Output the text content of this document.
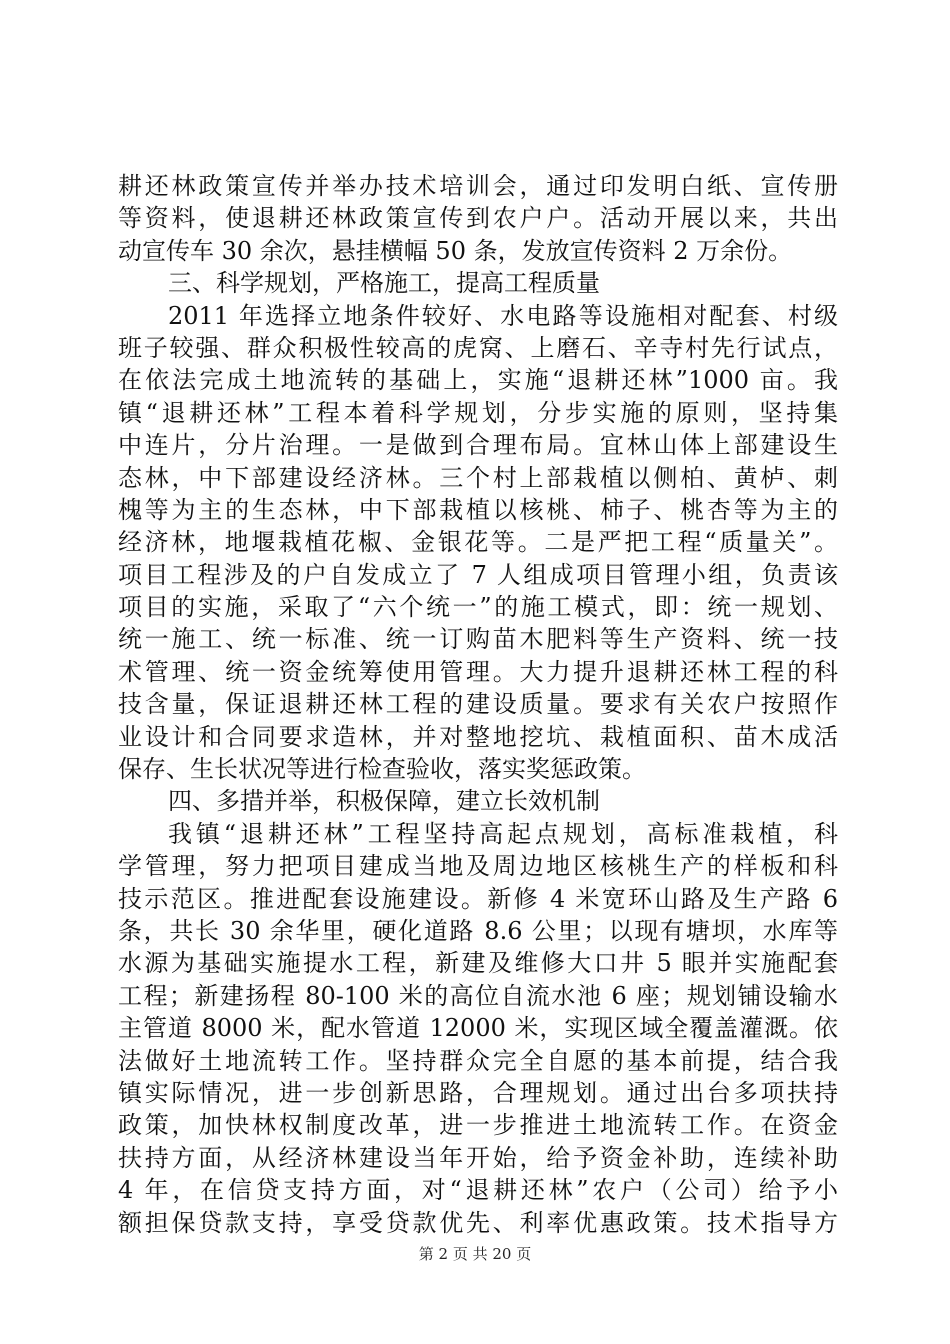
耕还林政策宣传并举办技术培训会，通过印发明白纸、宣传册
等资料，使退耕还林政策宣传到农户户。活动开展以来，共出
动宣传车 30 余次，悬挂横幅 50 条，发放宣传资料 2 万余份。
三、科学规划，严格施工，提高工程质量
2011 年选择立地条件较好、水电路等设施相对配套、村级
班子较强、群众积极性较高的虎窝、上磨石、辛寺村先行试点，
在依法完成土地流转的基础上，实施“退耕还林”1000 亩。我
镇“退耕还林”工程本着科学规划，分步实施的原则，坚持集
中连片，分片治理。一是做到合理布局。宜林山体上部建设生
态林，中下部建设经济林。三个村上部栽植以侧柏、黄栌、刺
槐等为主的生态林，中下部栽植以核桃、柿子、桃杏等为主的
经济林，地堰栽植花椒、金银花等。二是严把工程“质量关”。
项目工程涉及的户自发成立了 7 人组成项目管理小组，负责该
项目的实施，采取了“六个统一”的施工模式，即：统一规划、
统一施工、统一标准、统一订购苗木肥料等生产资料、统一技
术管理、统一资金统筹使用管理。大力提升退耕还林工程的科
技含量，保证退耕还林工程的建设质量。要求有关农户按照作
业设计和合同要求造林，并对整地挖坑、栽植面积、苗木成活
保存、生长状况等进行检查验收，落实奖惩政策。
四、多措并举，积极保障，建立长效机制
我镇“退耕还林”工程坚持高起点规划，高标准栽植，科
学管理，努力把项目建成当地及周边地区核桃生产的样板和科
技示范区。推进配套设施建设。新修 4 米宽环山路及生产路 6
条，共长 30 余华里，硬化道路 8.6 公里；以现有塘坝，水库等
水源为基础实施提水工程，新建及维修大口井 5 眼并实施配套
工程；新建扬程 80-100 米的高位自流水池 6 座；规划铺设输水
主管道 8000 米，配水管道 12000 米，实现区域全覆盖灌溉。依
法做好土地流转工作。坚持群众完全自愿的基本前提，结合我
镇实际情况，进一步创新思路，合理规划。通过出台多项扶持
政策，加快林权制度改革，进一步推进土地流转工作。在资金
扶持方面，从经济林建设当年开始，给予资金补助，连续补助
4 年，在信贷支持方面，对“退耕还林”农户（公司）给予小
额担保贷款支持，享受贷款优先、利率优惠政策。技术指导方
第 2 页 共 20 页
